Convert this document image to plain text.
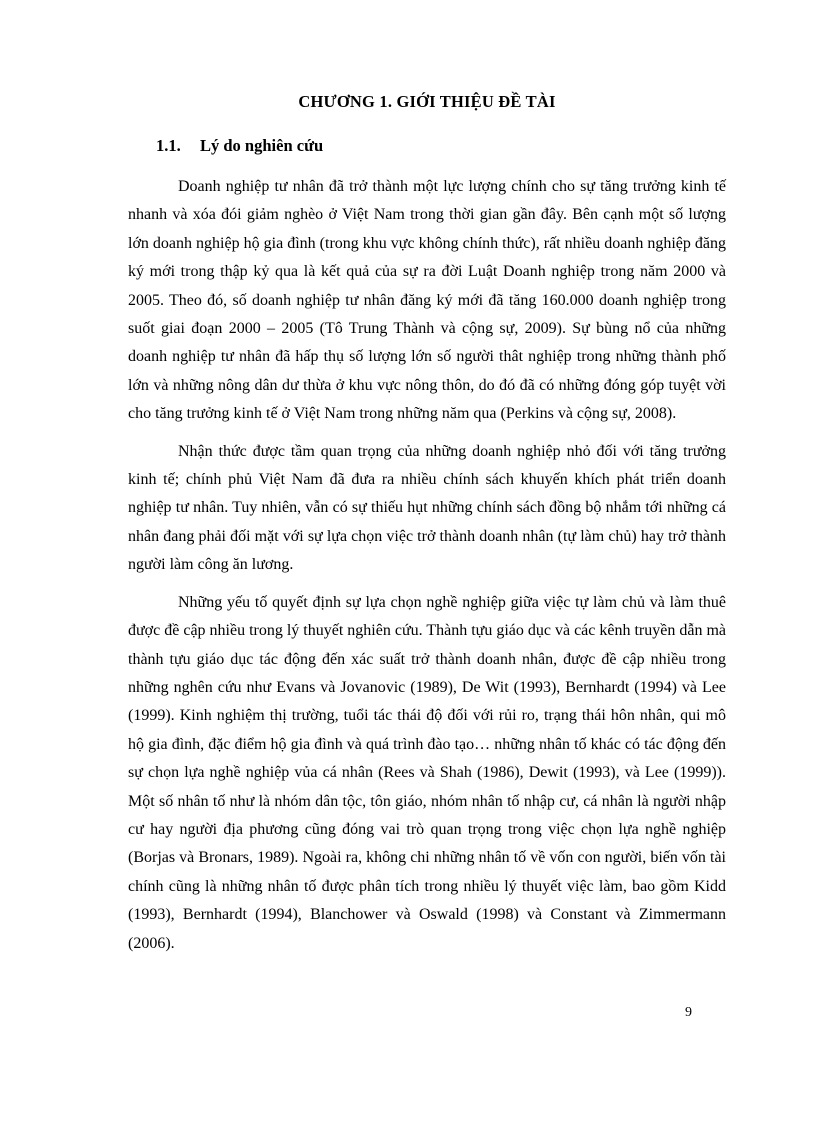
CHƯƠNG 1. GIỚI THIỆU ĐỀ TÀI
1.1. Lý do nghiên cứu

Doanh nghiệp tư nhân đã trở thành một lực lượng chính cho sự tăng trưởng kinh tế nhanh và xóa đói giảm nghèo ở Việt Nam trong thời gian gần đây. Bên cạnh một số lượng lớn doanh nghiệp hộ gia đình (trong khu vực không chính thức), rất nhiều doanh nghiệp đăng ký mới trong thập kỷ qua là kết quả của sự ra đời Luật Doanh nghiệp trong năm 2000 và 2005. Theo đó, số doanh nghiệp tư nhân đăng ký mới đã tăng 160.000 doanh nghiệp trong suốt giai đoạn 2000 – 2005 (Tô Trung Thành và cộng sự, 2009). Sự bùng nổ của những doanh nghiệp tư nhân đã hấp thụ số lượng lớn số người thât nghiệp trong những thành phố lớn và những nông dân dư thừa ở khu vực nông thôn, do đó đã có những đóng góp tuyệt vời cho tăng trưởng kinh tế ở Việt Nam trong những năm qua (Perkins và cộng sự, 2008).

Nhận thức được tầm quan trọng của những doanh nghiệp nhỏ đối với tăng trưởng kinh tế; chính phủ Việt Nam đã đưa ra nhiều chính sách khuyến khích phát triển doanh nghiệp tư nhân. Tuy nhiên, vẫn có sự thiếu hụt những chính sách đồng bộ nhắm tới những cá nhân đang phải đối mặt với sự lựa chọn việc trở thành doanh nhân (tự làm chủ) hay trở thành người làm công ăn lương.

Những yếu tố quyết định sự lựa chọn nghề nghiệp giữa việc tự làm chủ và làm thuê được đề cập nhiều trong lý thuyết nghiên cứu. Thành tựu giáo dục và các kênh truyền dẫn mà thành tựu giáo dục tác động đến xác suất trở thành doanh nhân, được đề cập nhiều trong những nghên cứu như Evans và Jovanovic (1989), De Wit (1993), Bernhardt (1994) và Lee (1999). Kinh nghiệm thị trường, tuổi tác thái độ đối với rủi ro, trạng thái hôn nhân, qui mô hộ gia đình, đặc điểm hộ gia đình và quá trình đào tạo… những nhân tố khác có tác động đến sự chọn lựa nghề nghiệp vủa cá nhân (Rees và Shah (1986), Dewit (1993), và Lee (1999)). Một số nhân tố như là nhóm dân tộc, tôn giáo, nhóm nhân tố nhập cư, cá nhân là người nhập cư hay người địa phương cũng đóng vai trò quan trọng trong việc chọn lựa nghề nghiệp (Borjas và Bronars, 1989). Ngoài ra, không chi những nhân tố về vốn con người, biến vốn tài chính cũng là những nhân tố được phân tích trong nhiều lý thuyết việc làm, bao gồm Kidd (1993), Bernhardt (1994), Blanchower và Oswald (1998) và Constant và Zimmermann (2006).

9
